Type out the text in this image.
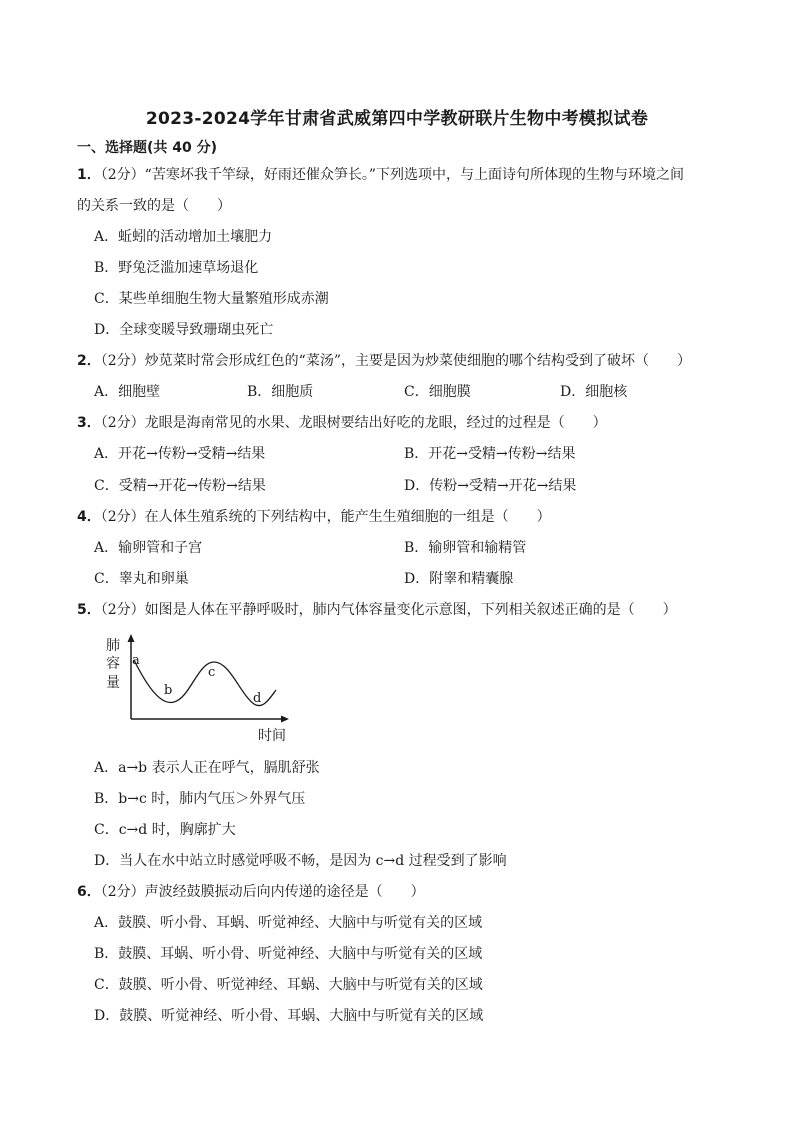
2023-2024学年甘肃省武威第四中学教研联片生物中考模拟试卷
一、选择题(共 40 分)
1．（2分）“苦寒坏我千竿绿，好雨还催众笋长。”下列选项中，与上面诗句所体现的生物与环境之间
的关系一致的是（　　）
A．蚯蚓的活动增加土壤肥力
B．野兔泛滥加速草场退化
C．某些单细胞生物大量繁殖形成赤潮
D．全球变暖导致珊瑚虫死亡
2．（2分）炒苋菜时常会形成红色的“菜汤”，主要是因为炒菜使细胞的哪个结构受到了破坏（　　）
A．细胞壁	B．细胞质	C．细胞膜	D．细胞核
3．（2分）龙眼是海南常见的水果、龙眼树要结出好吃的龙眼，经过的过程是（　　）
A．开花→传粉→受精→结果	B．开花→受精→传粉→结果
C．受精→开花→传粉→结果	D．传粉→受精→开花→结果
4．（2分）在人体生殖系统的下列结构中，能产生生殖细胞的一组是（　　）
A．输卵管和子宫	B．输卵管和输精管
C．睾丸和卵巢	D．附睾和精囊腺
5．（2分）如图是人体在平静呼吸时，肺内气体容量变化示意图，下列相关叙述正确的是（　　）
肺
容
量
a
b
c
d
时间
A．a→b 表示人正在呼气，膈肌舒张
B．b→c 时，肺内气压＞外界气压
C．c→d 时，胸廓扩大
D．当人在水中站立时感觉呼吸不畅，是因为 c→d 过程受到了影响
6．（2分）声波经鼓膜振动后向内传递的途径是（　　）
A．鼓膜、听小骨、耳蜗、听觉神经、大脑中与听觉有关的区域
B．鼓膜、耳蜗、听小骨、听觉神经、大脑中与听觉有关的区域
C．鼓膜、听小骨、听觉神经、耳蜗、大脑中与听觉有关的区域
D．鼓膜、听觉神经、听小骨、耳蜗、大脑中与听觉有关的区域
